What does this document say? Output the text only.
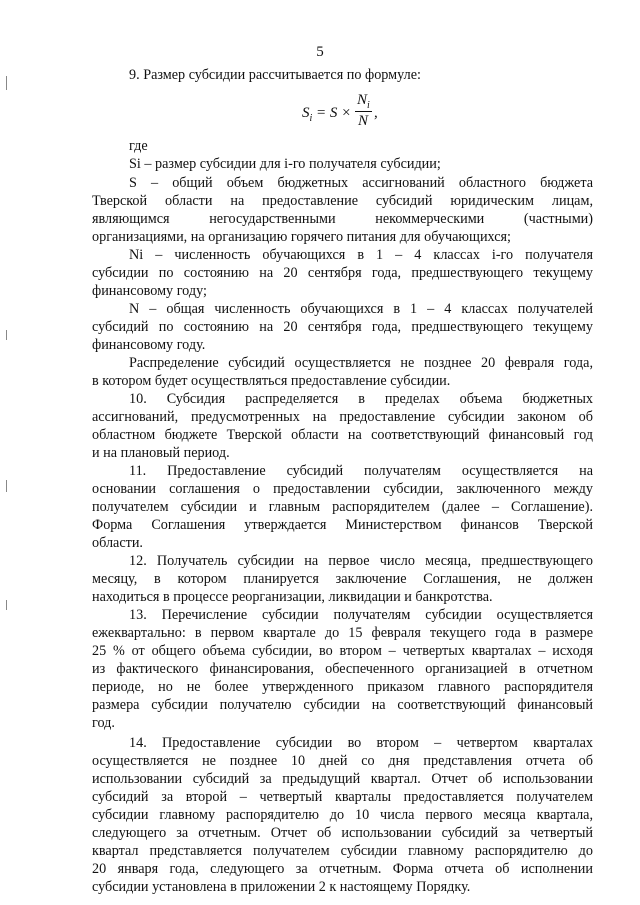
5
9. Размер субсидии рассчитывается по формуле:
$S_i = S$ ×
$N_i$
N ,
где
Si – размер субсидии для i-го получателя субсидии;
S – общий объем бюджетных ассигнований областного бюджета
Тверской области на предоставление субсидий юридическим лицам,
являющимся негосударственными некоммерческими (частными)
организациями, на организацию горячего питания для обучающихся;
Ni – численность обучающихся в 1 – 4 классах i-го получателя
субсидии по состоянию на 20 сентября года, предшествующего текущему
финансовому году;
N – общая численность обучающихся в 1 – 4 классах получателей
субсидий по состоянию на 20 сентября года, предшествующего текущему
финансовому году.
Распределение субсидий осуществляется не позднее 20 февраля года,
в котором будет осуществляться предоставление субсидии.
10. Субсидия распределяется в пределах объема бюджетных
ассигнований, предусмотренных на предоставление субсидии законом об
областном бюджете Тверской области на соответствующий финансовый год
и на плановый период.
11. Предоставление субсидий получателям осуществляется на
основании соглашения о предоставлении субсидии, заключенного между
получателем субсидии и главным распорядителем (далее – Соглашение).
Форма Соглашения утверждается Министерством финансов Тверской
области.
12. Получатель субсидии на первое число месяца, предшествующего
месяцу, в котором планируется заключение Соглашения, не должен
находиться в процессе реорганизации, ликвидации и банкротства.
13. Перечисление субсидии получателям субсидии осуществляется
ежеквартально: в первом квартале до 15 февраля текущего года в размере
25 % от общего объема субсидии, во втором – четвертых кварталах – исходя
из фактического финансирования, обеспеченного организацией в отчетном
периоде, но не более утвержденного приказом главного распорядителя
размера субсидии получателю субсидии на соответствующий финансовый
год.
14. Предоставление субсидии во втором – четвертом кварталах
осуществляется не позднее 10 дней со дня представления отчета об
использовании субсидий за предыдущий квартал. Отчет об использовании
субсидий за второй – четвертый кварталы предоставляется получателем
субсидии главному распорядителю до 10 числа первого месяца квартала,
следующего за отчетным. Отчет об использовании субсидий за четвертый
квартал представляется получателем субсидии главному распорядителю до
20 января года, следующего за отчетным. Форма отчета об исполнении
субсидии установлена в приложении 2 к настоящему Порядку.
